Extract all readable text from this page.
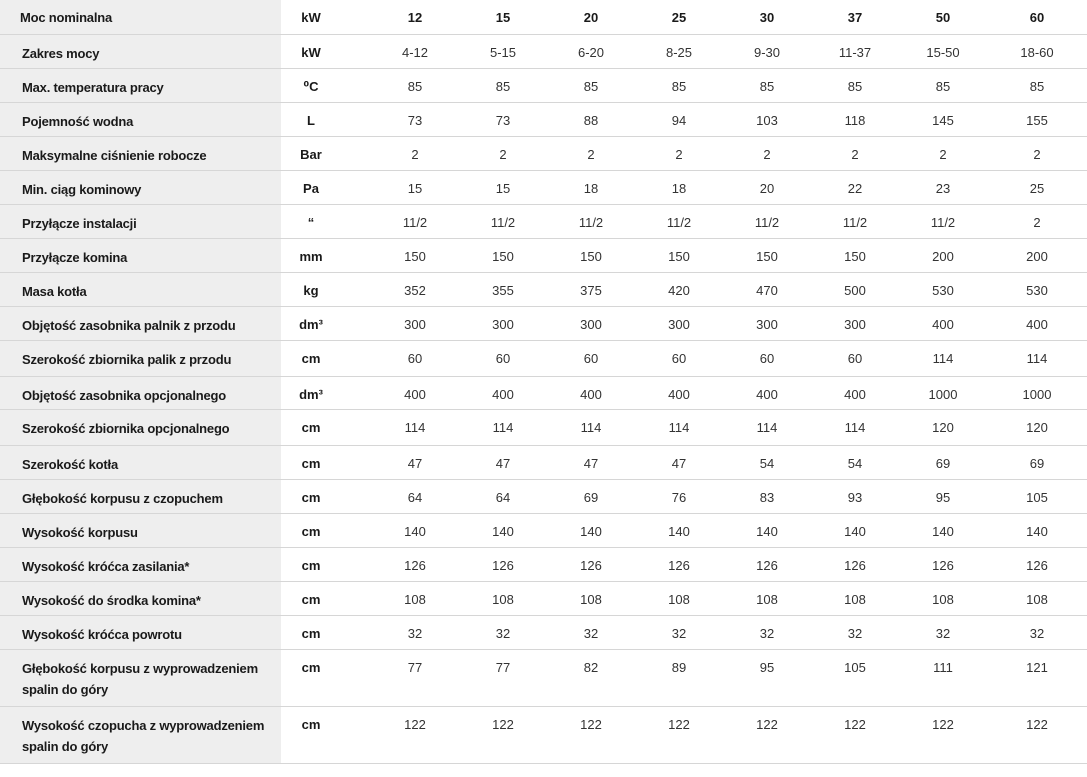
Moc nominalna	kW	12	15	20	25	30	37	50	60
Zakres mocy	kW	4-12	5-15	6-20	8-25	9-30	11-37	15-50	18-60
Max. temperatura pracy	⁰C	85	85	85	85	85	85	85	85
Pojemność wodna	L	73	73	88	94	103	118	145	155
Maksymalne ciśnienie robocze	Bar	2	2	2	2	2	2	2	2
Min. ciąg kominowy	Pa	15	15	18	18	20	22	23	25
Przyłącze instalacji	“	11/2	11/2	11/2	11/2	11/2	11/2	11/2	2
Przyłącze komina	mm	150	150	150	150	150	150	200	200
Masa kotła	kg	352	355	375	420	470	500	530	530
Objętość zasobnika palnik z przodu	dm³	300	300	300	300	300	300	400	400
Szerokość zbiornika palik z przodu	cm	60	60	60	60	60	60	114	114
Objętość zasobnika opcjonalnego	dm³	400	400	400	400	400	400	1000	1000
Szerokość zbiornika opcjonalnego	cm	114	114	114	114	114	114	120	120
Szerokość kotła	cm	47	47	47	47	54	54	69	69
Głębokość korpusu z czopuchem	cm	64	64	69	76	83	93	95	105
Wysokość korpusu	cm	140	140	140	140	140	140	140	140
Wysokość króćca zasilania*	cm	126	126	126	126	126	126	126	126
Wysokość do środka komina*	cm	108	108	108	108	108	108	108	108
Wysokość króćca powrotu	cm	32	32	32	32	32	32	32	32
Głębokość korpusu z wyprowadzeniem spalin do góry	cm	77	77	82	89	95	105	111	121
Wysokość czopucha z wyprowadzeniem spalin do góry	cm	122	122	122	122	122	122	122	122
